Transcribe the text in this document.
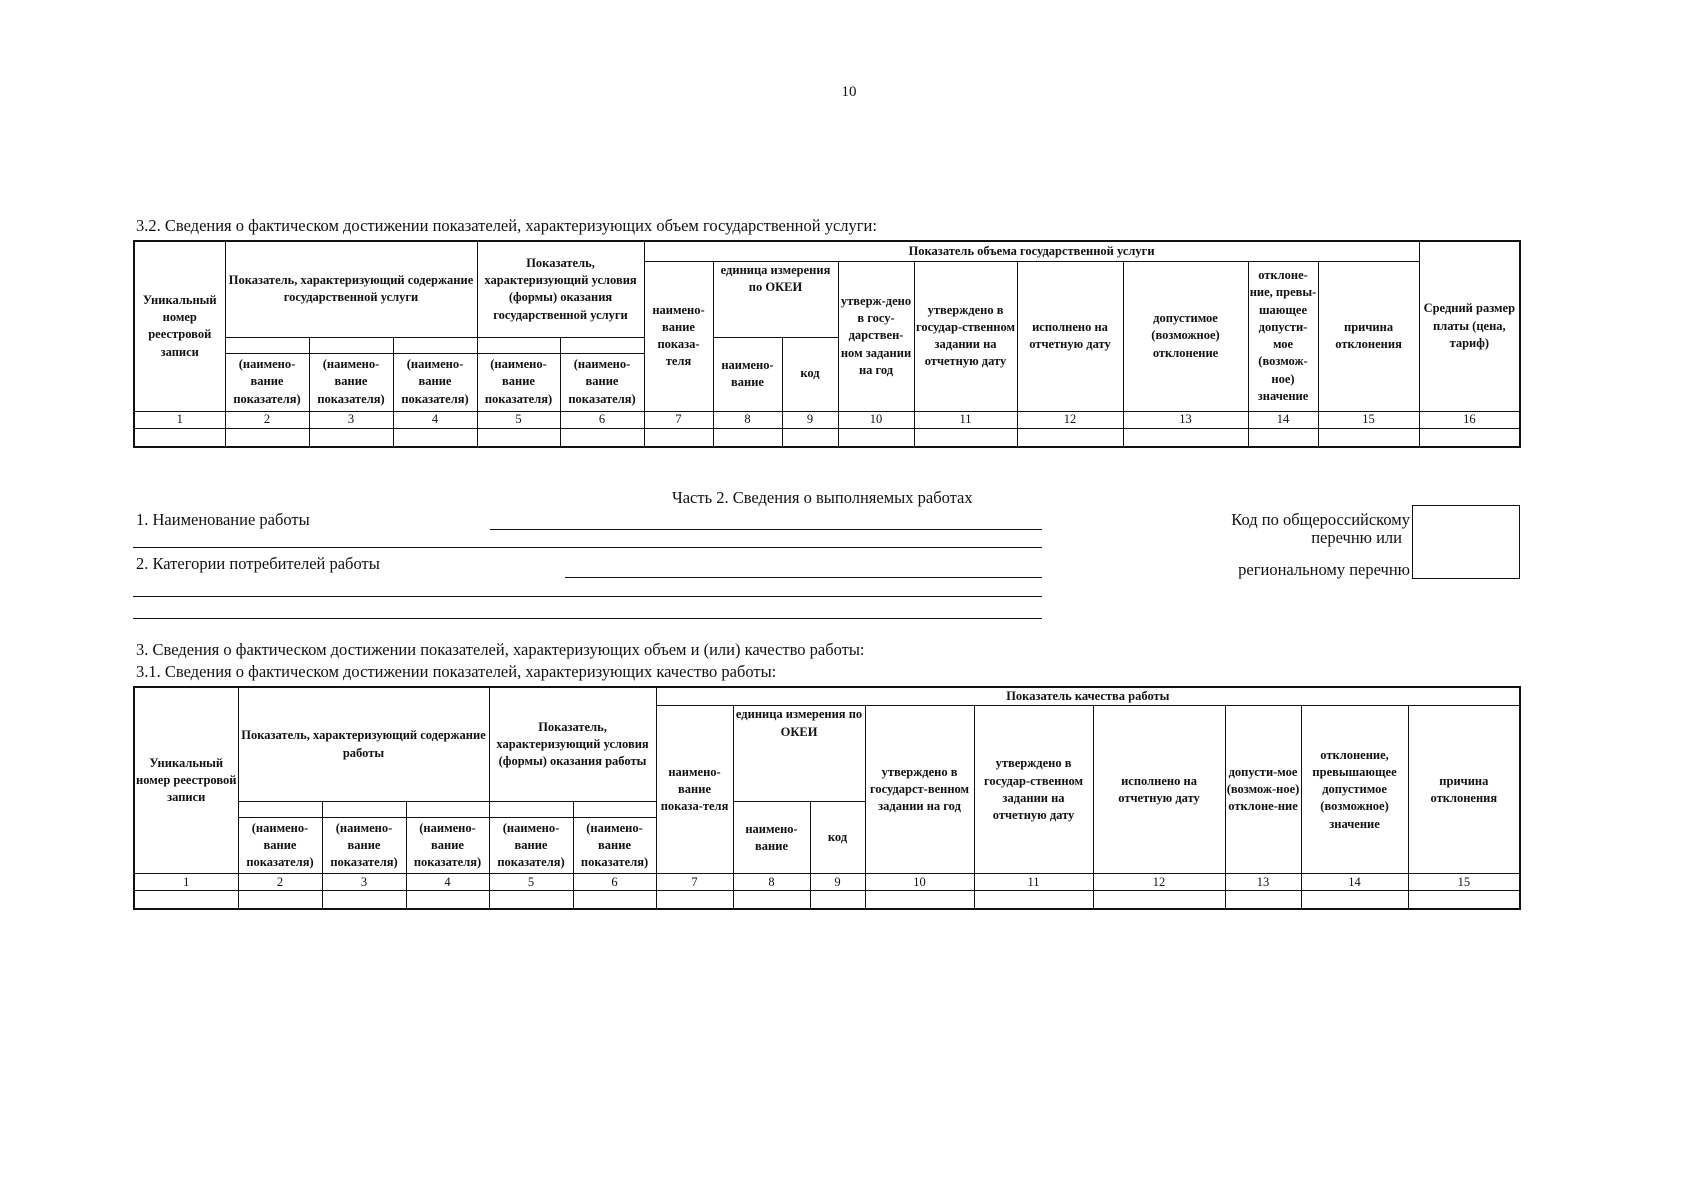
10
3.2. Сведения о фактическом достижении показателей, характеризующих объем государственной услуги:
Уникальный номер реестровой записи	Показатель, характеризующий содержание государственной услуги			Показатель, характеризующий условия (формы) оказания государственной услуги		Показатель объема государственной услуги									Средний размер платы (цена, тариф)
						наимено-вание показа-теля	единица измерения по ОКЕИ		утверж-дено в госу-дарствен-ном задании на год	утверждено в государ-ственном задании на отчетную дату	исполнено на отчетную дату	допустимое (возможное) отклонение	отклоне-ние, превы-шающее допусти-мое (возмож-ное) значение	причина отклонения	
							наимено-вание	код							
	(наимено-вание показателя)	(наимено-вание показателя)	(наимено-вание показателя)	(наимено-вание показателя)	(наимено-вание показателя)										
1	2	3	4	5	6	7	8	9	10	11	12	13	14	15	16

Часть 2. Сведения о выполняемых работах
1. Наименование работы
2. Категории потребителей работы
Код по общероссийскому
перечню или
региональному перечню
3. Сведения о фактическом достижении показателей, характеризующих объем и (или) качество работы:
3.1. Сведения о фактическом достижении показателей, характеризующих качество работы:
Уникальный номер реестровой записи	Показатель, характеризующий содержание работы			Показатель, характеризующий условия (формы) оказания работы		Показатель качества работы								
						наимено-вание показа-теля	единица измерения по ОКЕИ		утверждено в государст-венном задании на год	утверждено в государ-ственном задании на отчетную дату	исполнено на отчетную дату	допусти-мое (возмож-ное) отклоне-ние	отклонение, превышающее допустимое (возможное) значение	причина отклонения
							наимено-вание	код						
	(наимено-вание показателя)	(наимено-вание показателя)	(наимено-вание показателя)	(наимено-вание показателя)	(наимено-вание показателя)									
1	2	3	4	5	6	7	8	9	10	11	12	13	14	15
